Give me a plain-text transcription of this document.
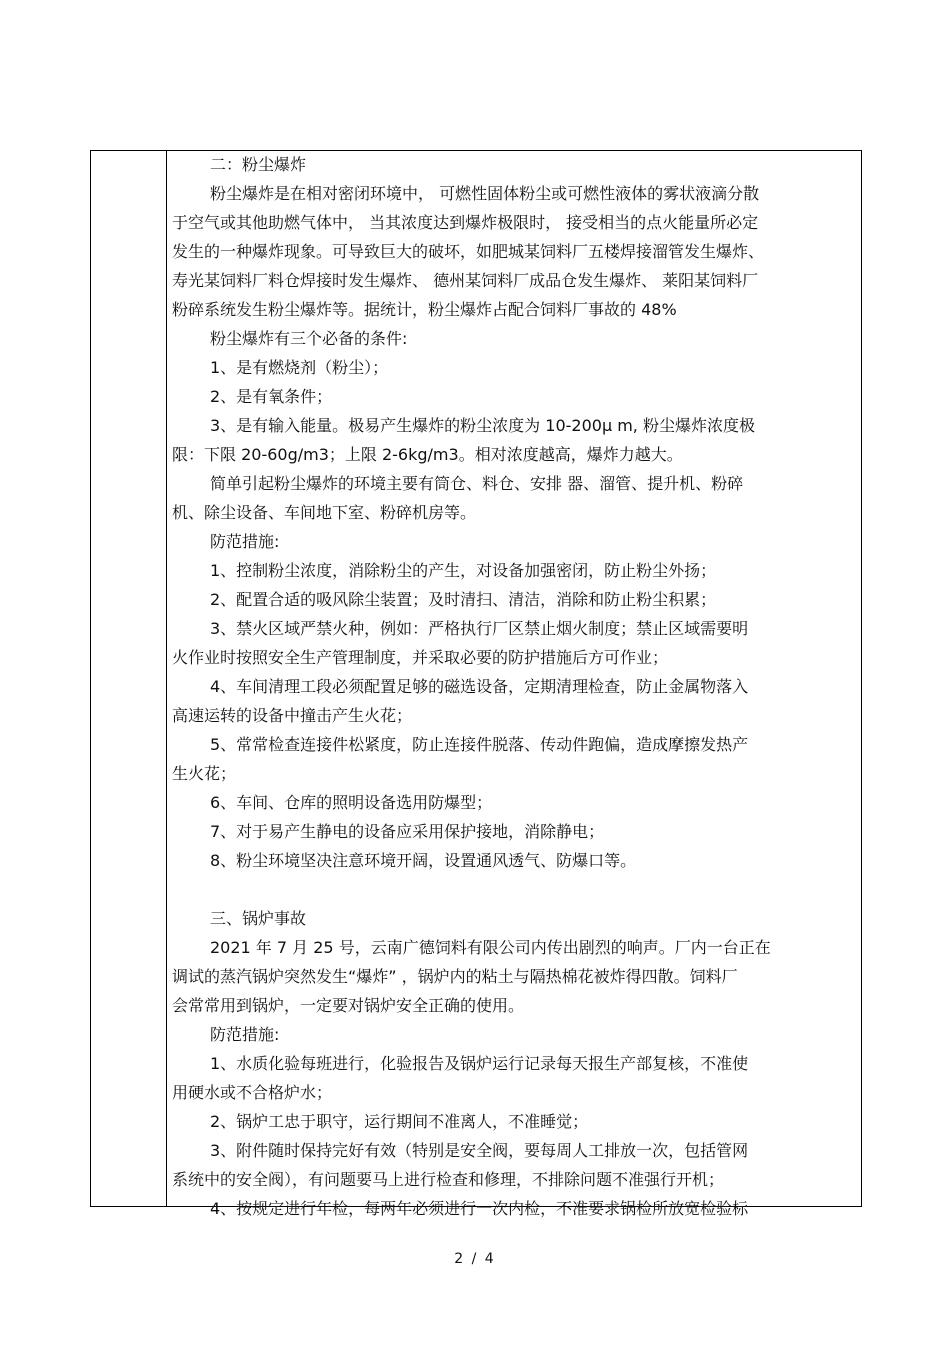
二：粉尘爆炸
粉尘爆炸是在相对密闭环境中， 可燃性固体粉尘或可燃性液体的雾状液滴分散
于空气或其他助燃气体中， 当其浓度达到爆炸极限时， 接受相当的点火能量所必定
发生的一种爆炸现象。可导致巨大的破坏，如肥城某饲料厂五楼焊接溜管发生爆炸、
寿光某饲料厂料仓焊接时发生爆炸、 德州某饲料厂成品仓发生爆炸、 莱阳某饲料厂
粉碎系统发生粉尘爆炸等。据统计，粉尘爆炸占配合饲料厂事故的 48%
粉尘爆炸有三个必备的条件:
1、是有燃烧剂（粉尘）；
2、是有氧条件；
3、是有输入能量。极易产生爆炸的粉尘浓度为 10-200μ m, 粉尘爆炸浓度极
限：下限 20-60g/m3；上限 2-6kg/m3。相对浓度越高，爆炸力越大。
简单引起粉尘爆炸的环境主要有筒仓、料仓、安排 器、溜管、提升机、粉碎
机、除尘设备、车间地下室、粉碎机房等。
防范措施:
1、控制粉尘浓度，消除粉尘的产生，对设备加强密闭，防止粉尘外扬；
2、配置合适的吸风除尘装置；及时清扫、清洁，消除和防止粉尘积累；
3、禁火区域严禁火种，例如：严格执行厂区禁止烟火制度；禁止区域需要明
火作业时按照安全生产管理制度，并采取必要的防护措施后方可作业；
4、车间清理工段必须配置足够的磁选设备，定期清理检查，防止金属物落入
高速运转的设备中撞击产生火花；
5、常常检查连接件松紧度，防止连接件脱落、传动件跑偏，造成摩擦发热产
生火花；
6、车间、仓库的照明设备选用防爆型；
7、对于易产生静电的设备应采用保护接地，消除静电；
8、粉尘环境坚决注意环境开阔，设置通风透气、防爆口等。
三、锅炉事故
2021 年 7 月 25 号，云南广德饲料有限公司内传出剧烈的响声。厂内一台正在
调试的蒸汽锅炉突然发生“爆炸” ，锅炉内的粘土与隔热棉花被炸得四散。饲料厂
会常常用到锅炉，一定要对锅炉安全正确的使用。
防范措施:
1、水质化验每班进行，化验报告及锅炉运行记录每天报生产部复核，不准使
用硬水或不合格炉水；
2、锅炉工忠于职守，运行期间不准离人，不准睡觉；
3、附件随时保持完好有效（特别是安全阀，要每周人工排放一次，包括管网
系统中的安全阀），有问题要马上进行检查和修理，不排除问题不准强行开机；
4、按规定进行年检，每两年必须进行一次内检，不准要求锅检所放宽检验标
2 / 4
